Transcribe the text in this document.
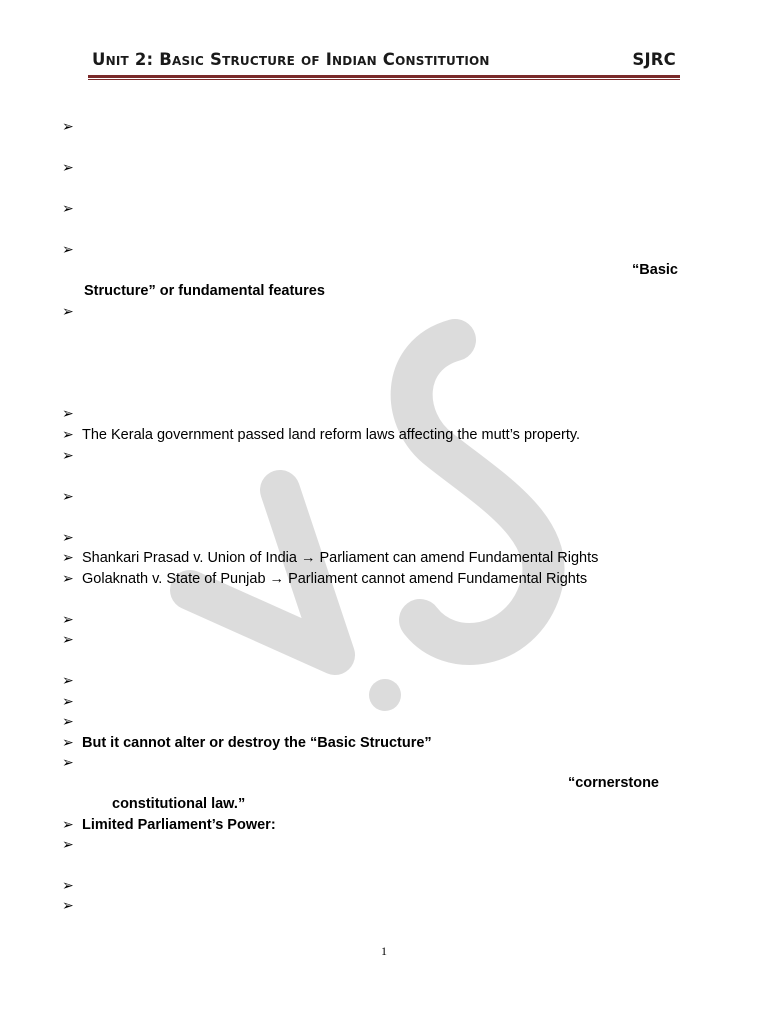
Unit 2: Basic Structure of Indian Constitution	SJRC
➢
➢
➢
➢
➢
➢
➢
➢
➢
➢
➢
➢
➢
➢
➢
➢
➢
➢
➢
➢
➢
➢
➢
“Basic
Structure” or fundamental features
The Kerala government passed land reform laws affecting the mutt’s property.
Shankari Prasad v. Union of India → Parliament can amend Fundamental Rights
Golaknath v. State of Punjab → Parliament cannot amend Fundamental Rights
But it cannot alter or destroy the “Basic Structure”
“cornerstone
constitutional law.”
Limited Parliament’s Power:
1
